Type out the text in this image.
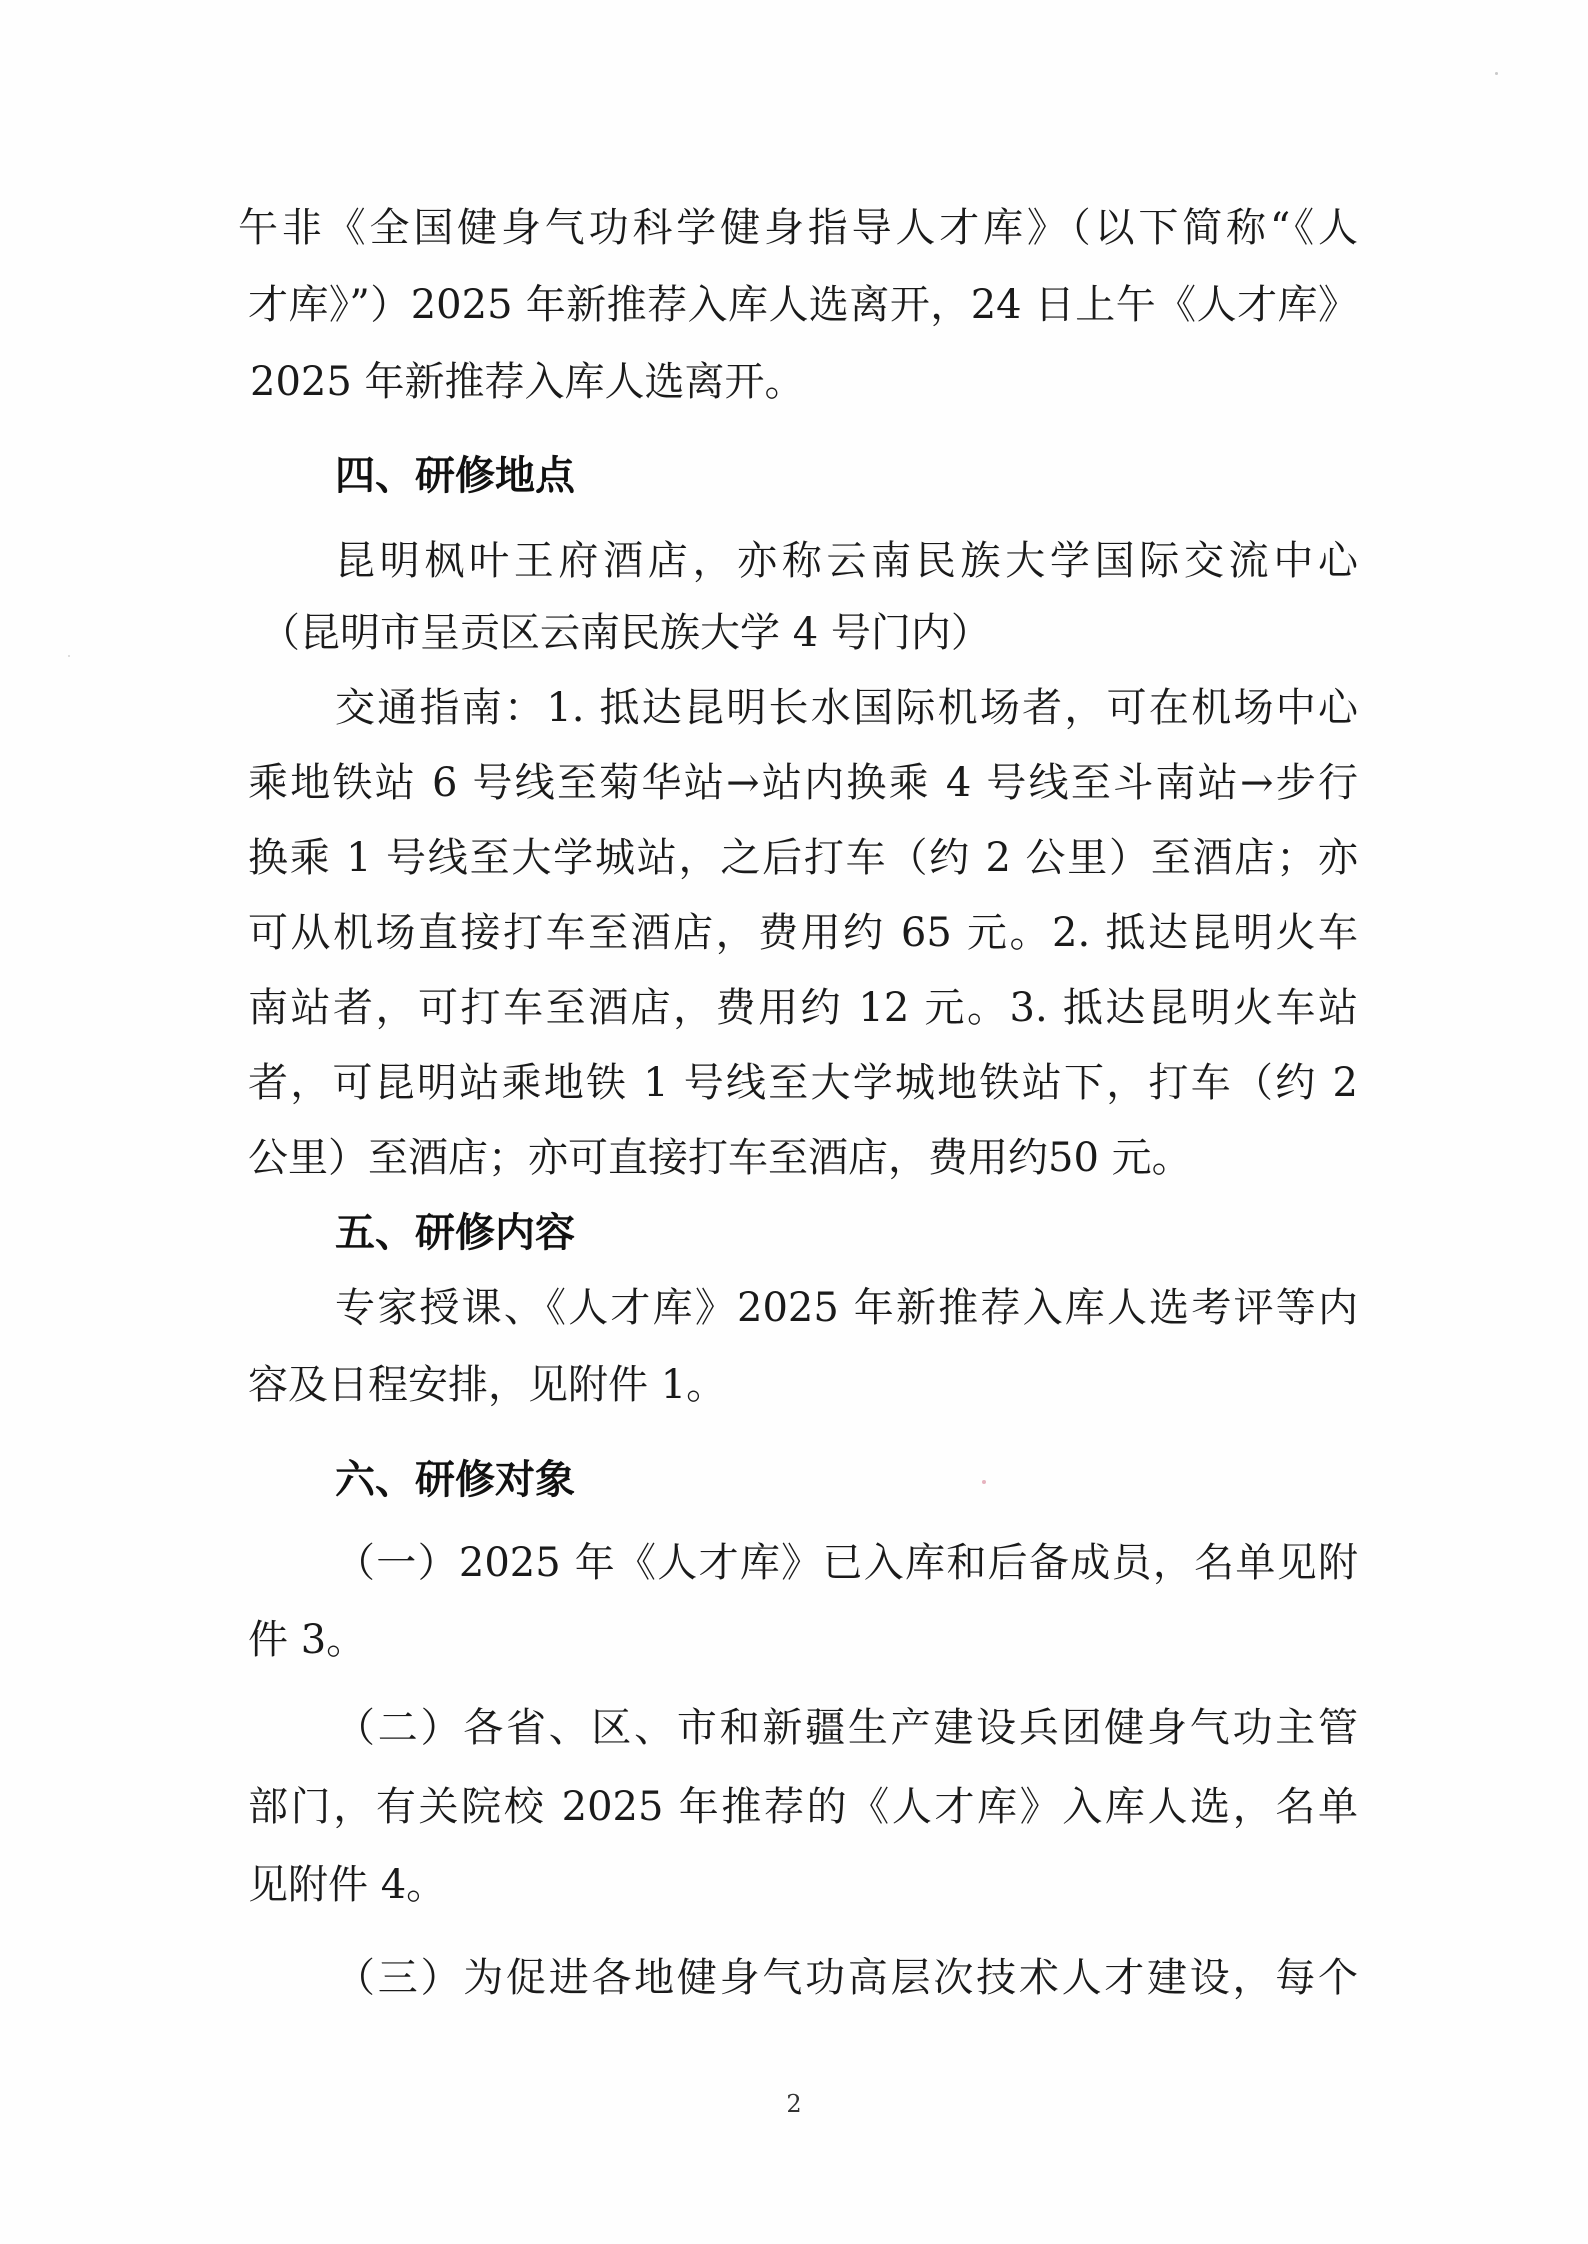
午非《全国健身气功科学健身指导人才库》（以下简称“《人
才库》”）2025 年新推荐入库人选离开，24 日上午《人才库》
2025 年新推荐入库人选离开。
四、研修地点
昆明枫叶王府酒店，亦称云南民族大学国际交流中心
（昆明市呈贡区云南民族大学 4 号门内）
交通指南：1. 抵达昆明长水国际机场者，可在机场中心
乘地铁站 6 号线至菊华站→站内换乘 4 号线至斗南站→步行
换乘 1 号线至大学城站，之后打车（约 2 公里）至酒店；亦
可从机场直接打车至酒店，费用约 65 元。2. 抵达昆明火车
南站者，可打车至酒店，费用约 12 元。3. 抵达昆明火车站
者，可昆明站乘地铁 1 号线至大学城地铁站下，打车（约 2
公里）至酒店；亦可直接打车至酒店，费用约50 元。
五、研修内容
专家授课、《人才库》2025 年新推荐入库人选考评等内
容及日程安排，见附件 1。
六、研修对象
（一）2025 年《人才库》已入库和后备成员，名单见附
件 3。
（二）各省、区、市和新疆生产建设兵团健身气功主管
部门，有关院校 2025 年推荐的《人才库》入库人选，名单
见附件 4。
（三）为促进各地健身气功高层次技术人才建设，每个
2
